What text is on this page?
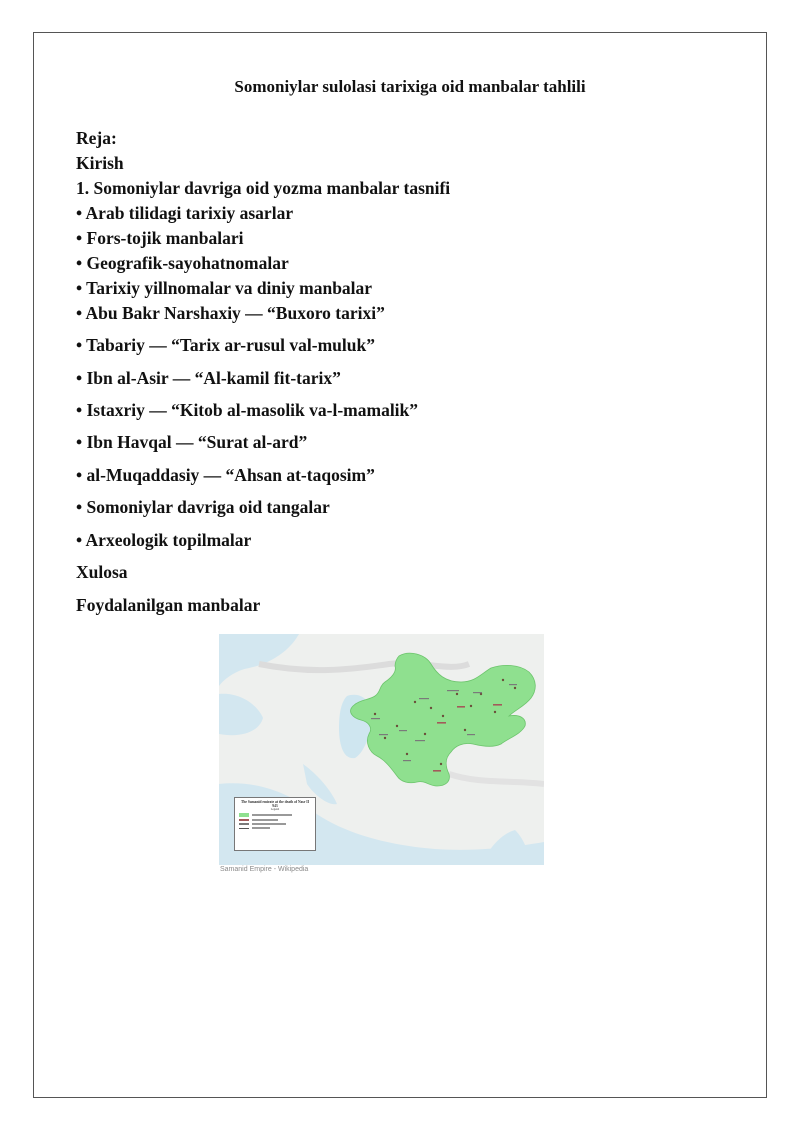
Somoniylar sulolasi tarixiga oid manbalar tahlili
Reja:
Kirish
1. Somoniylar davriga oid yozma manbalar tasnifi
• Arab tilidagi tarixiy asarlar
• Fors-tojik manbalari
• Geografik-sayohatnomalar
• Tarixiy yillnomalar va diniy manbalar
• Abu Bakr Narshaxiy — “Buxoro tarixi”
• Tabariy — “Tarix ar-rusul val-muluk”
• Ibn al-Asir — “Al-kamil fit-tarix”
• Istaxriy — “Kitob al-masolik va-l-mamalik”
• Ibn Havqal — “Surat al-ard”
• al-Muqaddasiy — “Ahsan at-taqosim”
• Somoniylar davriga oid tangalar
• Arxeologik topilmalar
Xulosa
Foydalanilgan manbalar
The Samanid emirate at the death of Nasr II 943
Legend
Samanid Empire - Wikipedia
